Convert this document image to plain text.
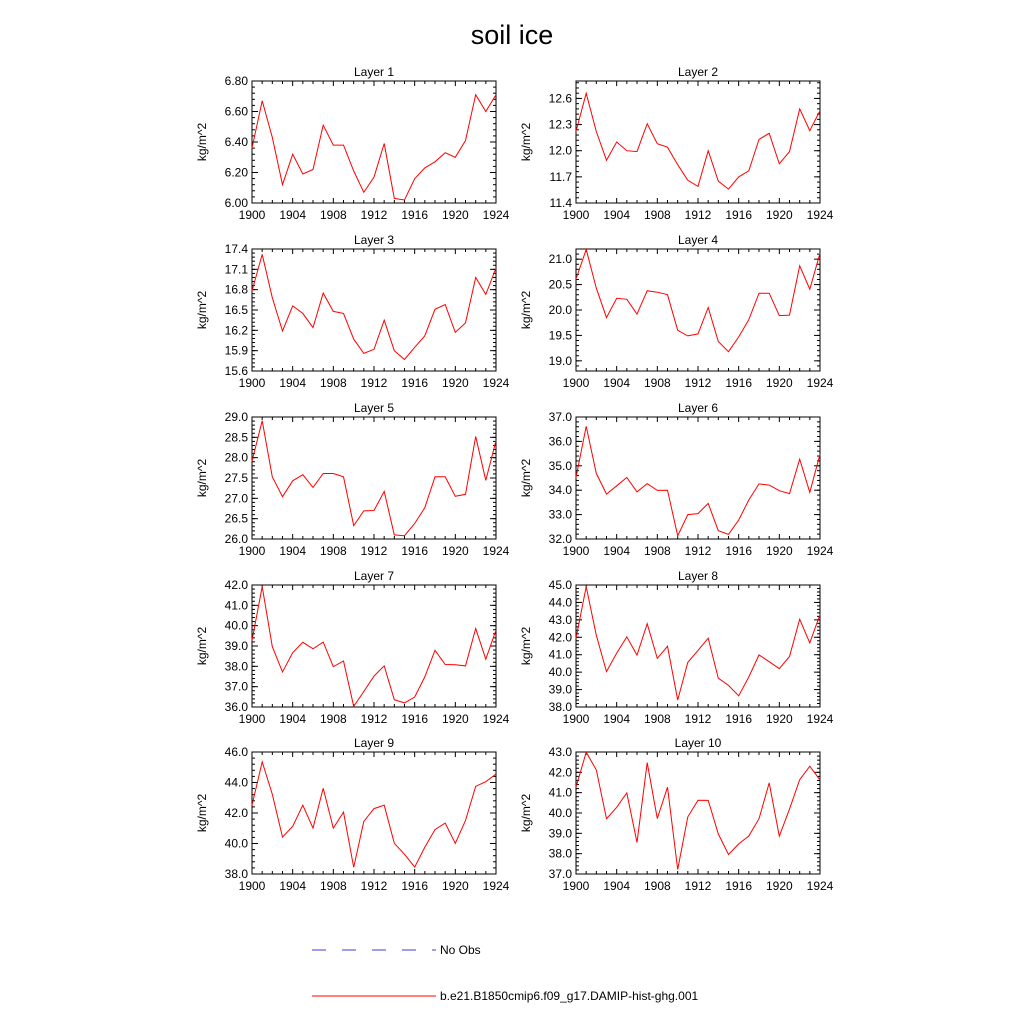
soil ice
Layer 1
kg/m^2
1900 1904 1908 1912 1916 1920 1924
6.00
6.20
6.40
6.60
6.80
Layer 2
kg/m^2
1900 1904 1908 1912 1916 1920 1924
11.4
11.7
12.0
12.3
12.6
Layer 3
kg/m^2
1900 1904 1908 1912 1916 1920 1924
15.6
15.9
16.2
16.5
16.8
17.1
17.4
Layer 4
kg/m^2
1900 1904 1908 1912 1916 1920 1924
19.0
19.5
20.0
20.5
21.0
Layer 5
kg/m^2
1900 1904 1908 1912 1916 1920 1924
26.0
26.5
27.0
27.5
28.0
28.5
29.0
Layer 6
kg/m^2
1900 1904 1908 1912 1916 1920 1924
32.0
33.0
34.0
35.0
36.0
37.0
Layer 7
kg/m^2
1900 1904 1908 1912 1916 1920 1924
36.0
37.0
38.0
39.0
40.0
41.0
42.0
Layer 8
kg/m^2
1900 1904 1908 1912 1916 1920 1924
38.0
39.0
40.0
41.0
42.0
43.0
44.0
45.0
Layer 9
kg/m^2
1900 1904 1908 1912 1916 1920 1924
38.0
40.0
42.0
44.0
46.0
Layer 10
kg/m^2
1900 1904 1908 1912 1916 1920 1924
37.0
38.0
39.0
40.0
41.0
42.0
43.0
No Obs
b.e21.B1850cmip6.f09_g17.DAMIP-hist-ghg.001
